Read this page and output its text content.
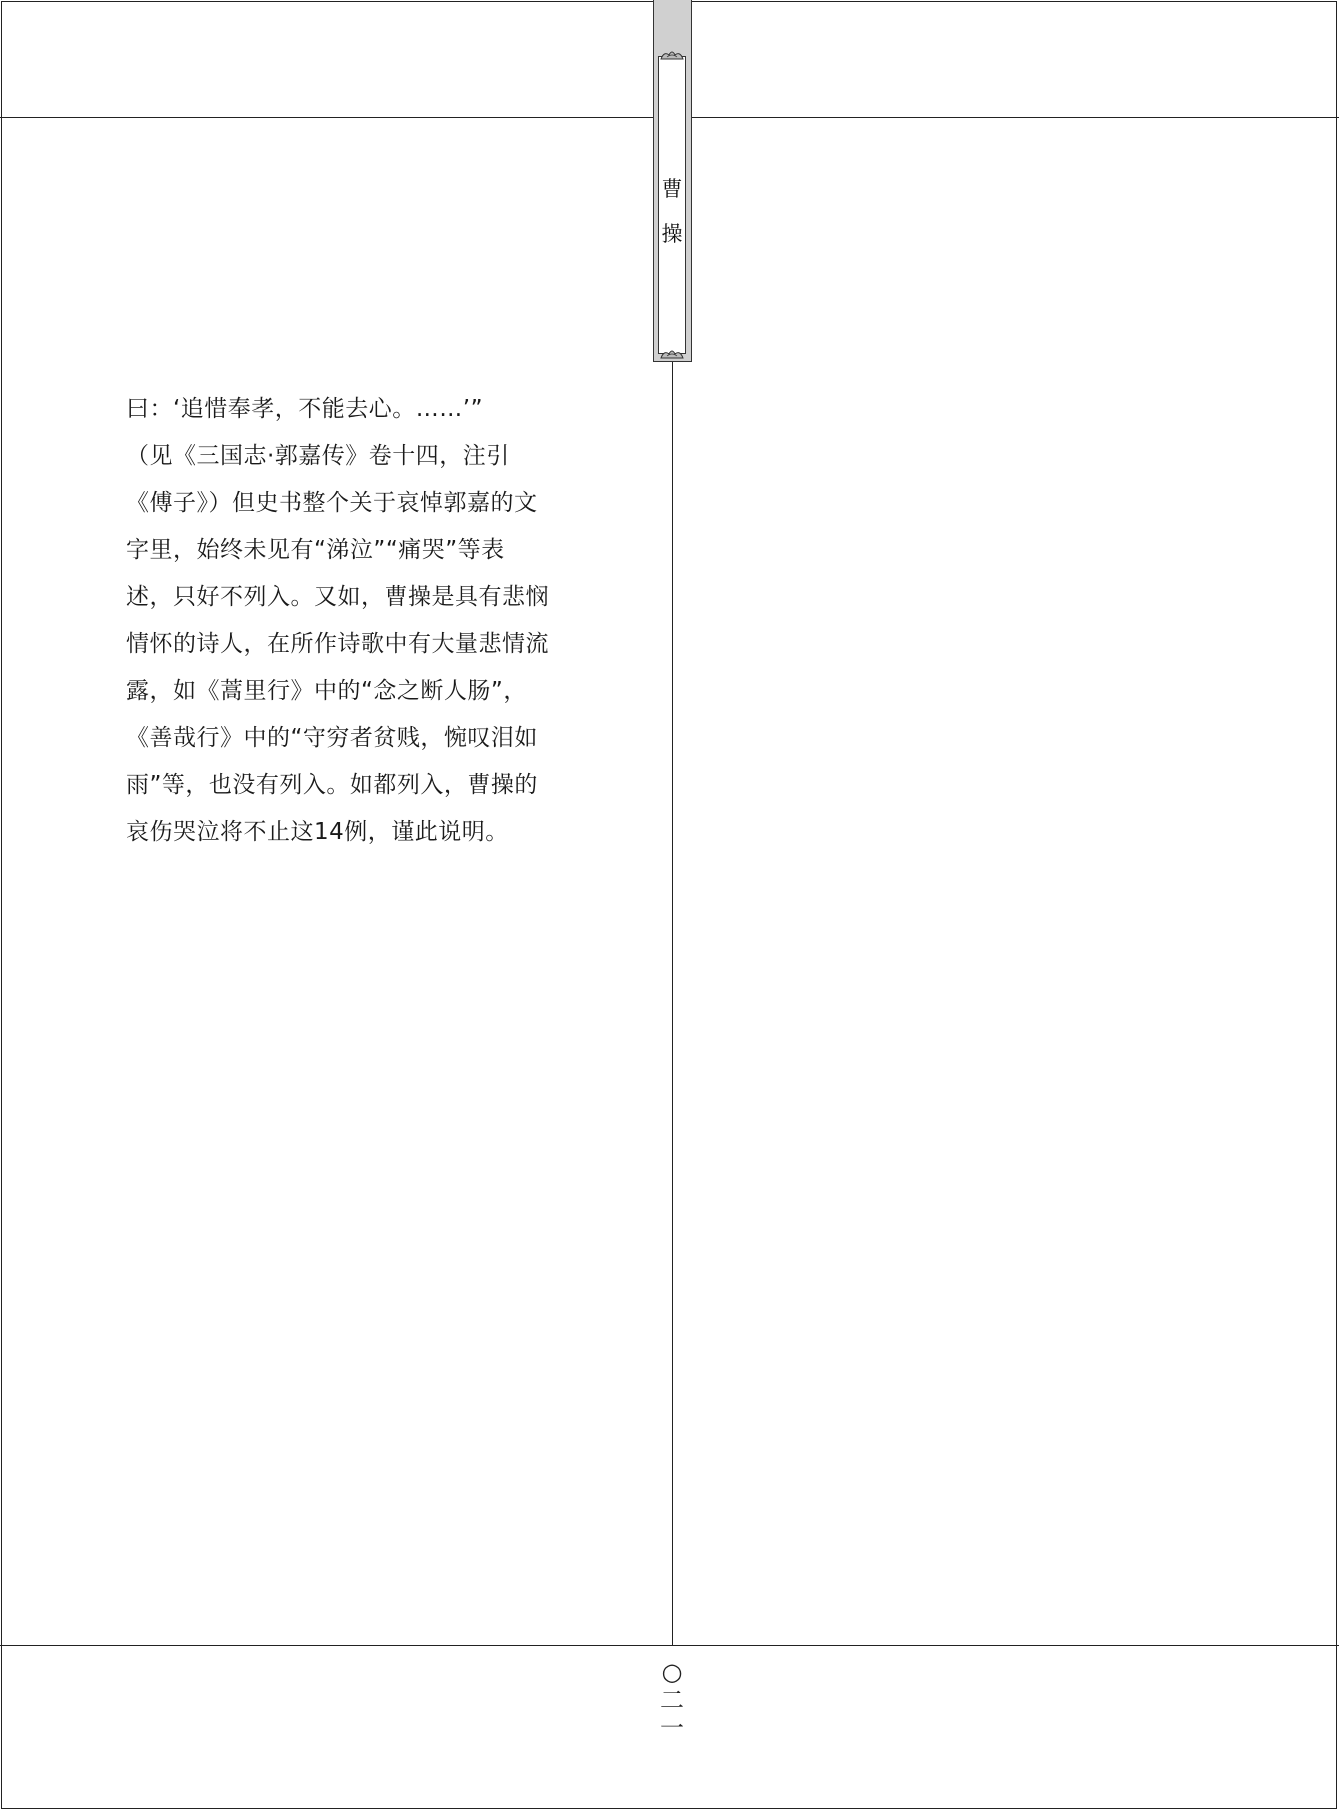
曹
操
曰：‘追惜奉孝，不能去心。……’”
（见《三国志·郭嘉传》卷十四，注引
《傅子》）但史书整个关于哀悼郭嘉的文
字里，始终未见有“涕泣”“痛哭”等表
述，只好不列入。又如，曹操是具有悲悯
情怀的诗人，在所作诗歌中有大量悲情流
露，如《蒿里行》中的“念之断人肠”，
《善哉行》中的“守穷者贫贱，惋叹泪如
雨”等，也没有列入。如都列入，曹操的
哀伤哭泣将不止这14例，谨此说明。
○
二
一
